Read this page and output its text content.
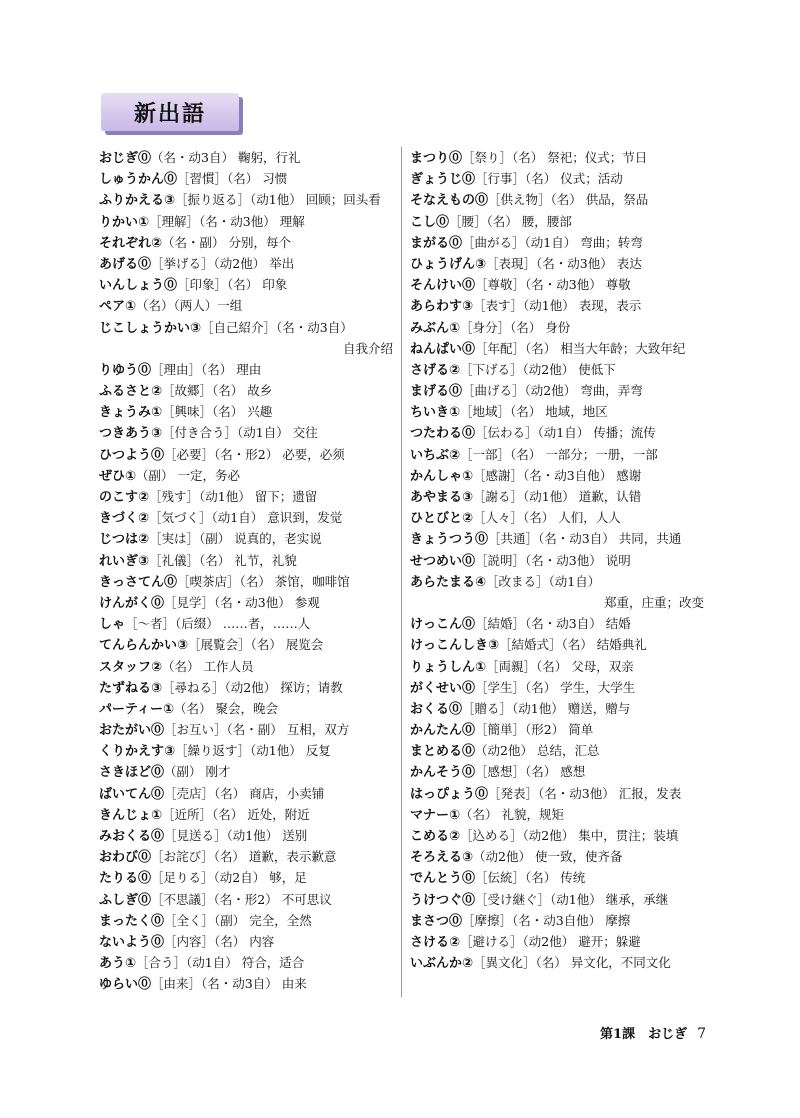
新出語
おじぎ⓪（名・动3自） 鞠躬，行礼
しゅうかん⓪［習慣］（名） 习惯
ふりかえる③［振り返る］（动1他） 回顾；回头看
りかい①［理解］（名・动3他） 理解
それぞれ②（名・副） 分别，每个
あげる⓪［挙げる］（动2他） 举出
いんしょう⓪［印象］（名） 印象
ペア①（名）（两人）一组
じこしょうかい③［自己紹介］（名・动3自）
自我介绍
りゆう⓪［理由］（名） 理由
ふるさと②［故郷］（名） 故乡
きょうみ①［興味］（名） 兴趣
つきあう③［付き合う］（动1自） 交往
ひつよう⓪［必要］（名・形2） 必要，必须
ぜひ①（副） 一定，务必
のこす②［残す］（动1他） 留下；遗留
きづく②［気づく］（动1自） 意识到，发觉
じつは②［実は］（副） 说真的，老实说
れいぎ③［礼儀］（名） 礼节，礼貌
きっさてん⓪［喫茶店］（名） 茶馆，咖啡馆
けんがく⓪［見学］（名・动3他） 参观
しゃ［～者］（后缀） ……者，……人
てんらんかい③［展覧会］（名） 展览会
スタッフ②（名） 工作人员
たずねる③［尋ねる］（动2他） 探访；请教
パーティー①（名） 聚会，晚会
おたがい⓪［お互い］（名・副） 互相，双方
くりかえす③［繰り返す］（动1他） 反复
さきほど⓪（副） 刚才
ばいてん⓪［売店］（名） 商店，小卖铺
きんじょ①［近所］（名） 近处，附近
みおくる⓪［見送る］（动1他） 送别
おわび⓪［お詫び］（名） 道歉，表示歉意
たりる⓪［足りる］（动2自） 够，足
ふしぎ⓪［不思議］（名・形2） 不可思议
まったく⓪［全く］（副） 完全，全然
ないよう⓪［内容］（名） 内容
あう①［合う］（动1自） 符合，适合
ゆらい⓪［由来］（名・动3自） 由来
まつり⓪［祭り］（名） 祭祀；仪式；节日
ぎょうじ⓪［行事］（名） 仪式；活动
そなえもの⓪［供え物］（名） 供品，祭品
こし⓪［腰］（名） 腰，腰部
まがる⓪［曲がる］（动1自） 弯曲；转弯
ひょうげん③［表現］（名・动3他） 表达
そんけい⓪［尊敬］（名・动3他） 尊敬
あらわす③［表す］（动1他） 表现，表示
みぶん①［身分］（名） 身份
ねんぱい⓪［年配］（名） 相当大年龄；大致年纪
さげる②［下げる］（动2他） 使低下
まげる⓪［曲げる］（动2他） 弯曲，弄弯
ちいき①［地域］（名） 地域，地区
つたわる⓪［伝わる］（动1自） 传播；流传
いちぶ②［一部］（名） 一部分；一册，一部
かんしゃ①［感謝］（名・动3自他） 感谢
あやまる③［謝る］（动1他） 道歉，认错
ひとびと②［人々］（名） 人们，人人
きょうつう⓪［共通］（名・动3自） 共同，共通
せつめい⓪［説明］（名・动3他） 说明
あらたまる④［改まる］（动1自）
郑重，庄重；改变
けっこん⓪［結婚］（名・动3自） 结婚
けっこんしき③［結婚式］（名） 结婚典礼
りょうしん①［両親］（名） 父母，双亲
がくせい⓪［学生］（名） 学生，大学生
おくる⓪［贈る］（动1他） 赠送，赠与
かんたん⓪［簡単］（形2） 简单
まとめる⓪（动2他） 总结，汇总
かんそう⓪［感想］（名） 感想
はっぴょう⓪［発表］（名・动3他） 汇报，发表
マナー①（名） 礼貌，规矩
こめる②［込める］（动2他） 集中，贯注；装填
そろえる③（动2他） 使一致，使齐备
でんとう⓪［伝統］（名） 传统
うけつぐ⓪［受け継ぐ］（动1他） 继承，承继
まさつ⓪［摩擦］（名・动3自他） 摩擦
さける②［避ける］（动2他） 避开；躲避
いぶんか②［異文化］（名） 异文化，不同文化
第1課　おじぎ 7
